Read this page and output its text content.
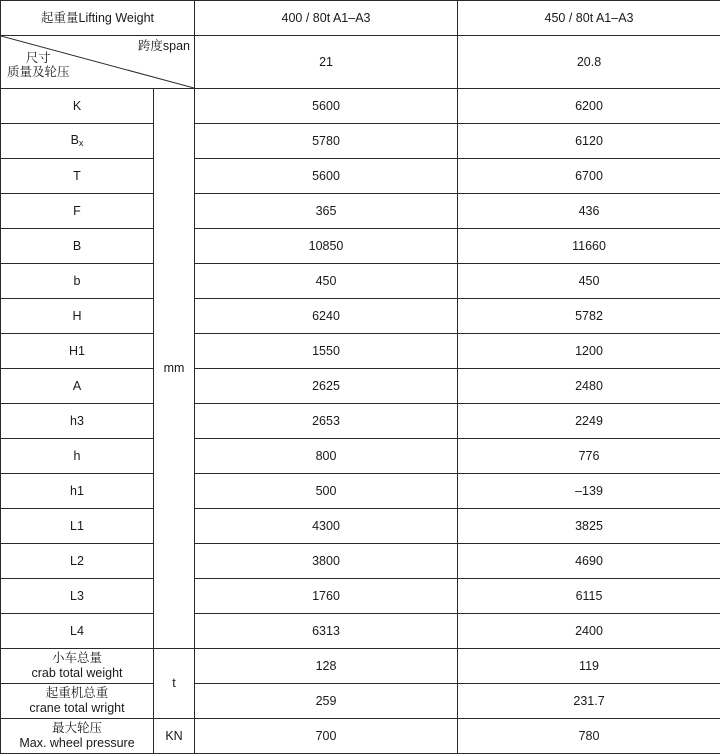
起重量Lifting Weight		400 / 80t A1–A3	450 / 80t A1–A3

跨度span
尺寸
质量及轮压		21	20.8
K	mm	5600	6200
$B_x$		5780	6120
T		5600	6700
F		365	436
B		10850	11660
b		450	450
H		6240	5782
H1		1550	1200
A		2625	2480
h3		2653	2249
h		800	776
h1		500	–139
L1		4300	3825
L2		3800	4690
L3		1760	6115
L4		6313	2400

小车总量
crab total weight	t	128	119

起重机总重
crane total wright		259	231.7

最大轮压
Max. wheel pressure	KN	700	780
